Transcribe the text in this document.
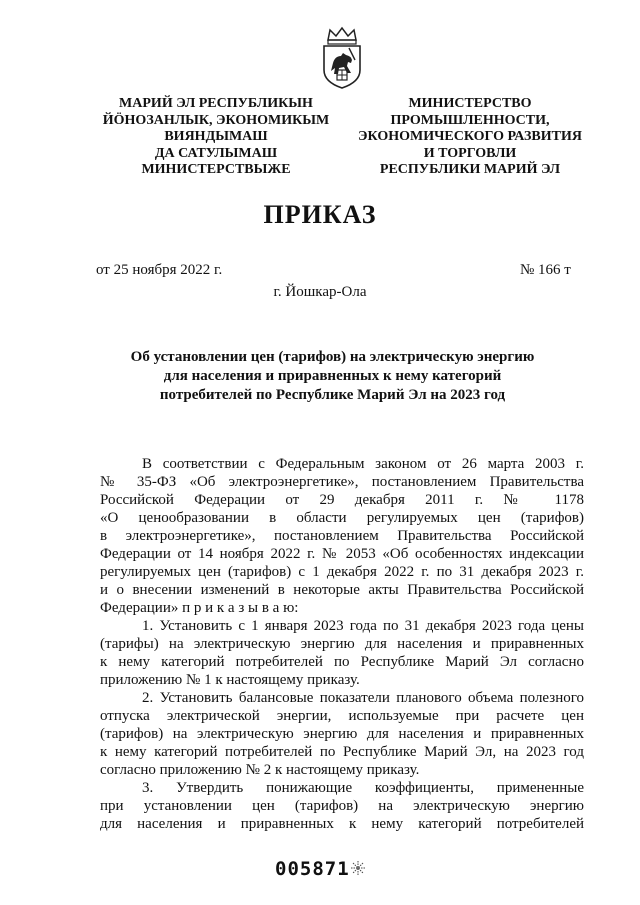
МАРИЙ ЭЛ РЕСПУБЛИКЫН
ЙӦНОЗАНЛЫК, ЭКОНОМИКЫМ
ВИЯНДЫМАШ
ДА САТУЛЫМАШ
МИНИСТЕРСТВЫЖЕ
МИНИСТЕРСТВО
ПРОМЫШЛЕННОСТИ,
ЭКОНОМИЧЕСКОГО РАЗВИТИЯ
И ТОРГОВЛИ
РЕСПУБЛИКИ МАРИЙ ЭЛ
ПРИКАЗ
от 25 ноября 2022 г.	№ 166 т
г. Йошкар-Ола
Об установлении цен (тарифов) на электрическую энергию
для населения и приравненных к нему категорий
потребителей по Республике Марий Эл на 2023 год
В соответствии с Федеральным законом от 26 марта 2003 г.
№ 35-ФЗ «Об электроэнергетике», постановлением Правительства
Российской Федерации от 29 декабря 2011 г. № 1178
«О ценообразовании в области регулируемых цен (тарифов)
в электроэнергетике», постановлением Правительства Российской
Федерации от 14 ноября 2022 г. № 2053 «Об особенностях индексации
регулируемых цен (тарифов) с 1 декабря 2022 г. по 31 декабря 2023 г.
и о внесении изменений в некоторые акты Правительства Российской
Федерации» п р и к а з ы в а ю:
1. Установить с 1 января 2023 года по 31 декабря 2023 года цены
(тарифы) на электрическую энергию для населения и приравненных
к нему категорий потребителей по Республике Марий Эл согласно
приложению № 1 к настоящему приказу.
2. Установить балансовые показатели планового объема полезного
отпуска электрической энергии, используемые при расчете цен
(тарифов) на электрическую энергию для населения и приравненных
к нему категорий потребителей по Республике Марий Эл, на 2023 год
согласно приложению № 2 к настоящему приказу.
3. Утвердить понижающие коэффициенты, примененные
при установлении цен (тарифов) на электрическую энергию
для населения и приравненных к нему категорий потребителей
005871
